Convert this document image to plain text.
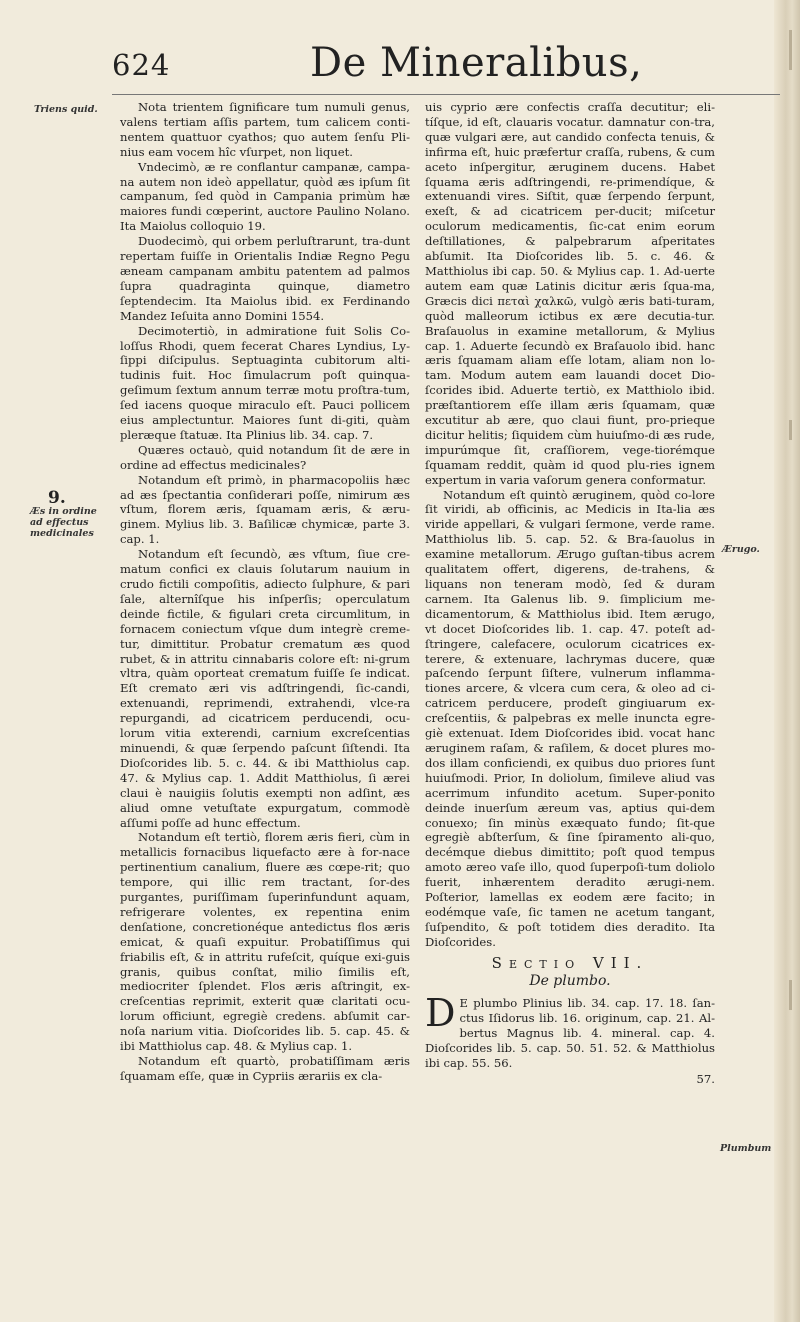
624	De Mineralibus,
Triens quid.
9.
Æs in ordine
ad effectus
medicinales
Ærugo.
Plumbum

Nota trientem ſignificare tum numuli genus, valens tertiam aſſis partem, tum calicem conti-nentem quattuor cyathos; quo autem ſenſu Pli-nius eam vocem hîc vſurpet, non liquet.

Vndecimò, æ re conflantur campanæ, campa-na autem non ideò appellatur, quòd æs ipſum ſit campanum, ſed quòd in Campania primùm hæ maiores fundi cœperint, auctore Paulino Nolano. Ita Maiolus colloquio 19.

Duodecimò, qui orbem perluſtrarunt, tra-dunt repertam fuiſſe in Orientalis Indiæ Regno Pegu æneam campanam ambitu patentem ad palmos ſupra quadraginta quinque, diametro ſeptendecim. Ita Maiolus ibid. ex Ferdinando Mandez Ieſuita anno Domini 1554.

Decimotertiò, in admiratione fuit Solis Co-loſſus Rhodi, quem fecerat Chares Lyndius, Ly-ſippi diſcipulus. Septuaginta cubitorum alti-tudinis fuit. Hoc ſimulacrum poſt quinqua-geſimum ſextum annum terræ motu proſtra-tum, ſed iacens quoque miraculo eſt. Pauci pollicem eius amplectuntur. Maiores ſunt di-giti, quàm pleræque ſtatuæ. Ita Plinius lib. 34. cap. 7.

Quæres octauò, quid notandum ſit de ære in ordine ad effectus medicinales?

Notandum eſt primò, in pharmacopoliis hæc ad æs ſpectantia conſiderari poſſe, nimirum æs vſtum, florem æris, ſquamam æris, & æru-ginem. Mylius lib. 3. Baſilicæ chymicæ, parte 3. cap. 1.

Notandum eſt ſecundò, æs vſtum, ſiue cre-matum confici ex clauis ſolutarum nauium in crudo fictili compoſitis, adiecto ſulphure, & pari ſale, alternîſque his inſperſis; operculatum deinde fictile, & figulari creta circumlitum, in fornacem coniectum vſque dum integrè creme-tur, dimittitur. Probatur crematum æs quod rubet, & in attritu cinnabaris colore eſt: ni-grum vltra, quàm oporteat crematum fuiſſe ſe indicat. Eſt cremato æri vis adſtringendi, ſic-candi, extenuandi, reprimendi, extrahendi, vlce-ra repurgandi, ad cicatricem perducendi, ocu-lorum vitia exterendi, carnium excreſcentias minuendi, & quæ ſerpendo paſcunt ſiſtendi. Ita Dioſcorides lib. 5. c. 44. & ibi Matthiolus cap. 47. & Mylius cap. 1. Addit Matthiolus, ſi ærei claui è nauigiis ſolutis exempti non adſint, æs aliud omne vetuſtate expurgatum, commodè aſſumi poſſe ad hunc effectum.

Notandum eſt tertiò, florem æris fieri, cùm in metallicis fornacibus liquefacto ære à for-nace pertinentium canalium, fluere æs cœpe-rit; quo tempore, qui illic rem tractant, ſor-des purgantes, puriſſimam ſuperinfundunt aquam, refrigerare volentes, ex repentina enim denſatione, concretionéque antedictus flos æris emicat, & quaſi expuitur. Probatiſſimus qui friabilis eſt, & in attritu rufeſcit, quíque exi-guis granis, quibus conſtat, milio ſimilis eſt, mediocriter ſplendet. Flos æris aſtringit, ex-creſcentias reprimit, exterit quæ claritati ocu-lorum officiunt, egregiè credens. abſumit car-noſa narium vitia. Dioſcorides lib. 5. cap. 45. & ibi Matthiolus cap. 48. & Mylius cap. 1.

Notandum eſt quartò, probatiſſimam æris ſquamam eſſe, quæ in Cypriis ærariis ex cla-

uis cyprio ære confectis craſſa decutitur; eli-tíſque, id eſt, clauaris vocatur. damnatur con-tra, quæ vulgari ære, aut candido confecta tenuis, & infirma eſt, huic præfertur craſſa, rubens, & cum aceto inſpergitur, æruginem ducens. Habet ſquama æris adſtringendi, re-primendíque, & extenuandi vires. Siſtit, quæ ſerpendo ſerpunt, exeſt, & ad cicatricem per-ducit; miſcetur oculorum medicamentis, ſic-cat enim eorum deſtillationes, & palpebrarum aſperitates abſumit. Ita Dioſcorides lib. 5. c. 46. & Matthiolus ibi cap. 50. & Mylius cap. 1. Ad-uerte autem eam quæ Latinis dicitur æris ſqua-ma, Græcis dici πεταὶ χαλκῶ, vulgò æris bati-turam, quòd malleorum ictibus ex ære decutia-tur. Braſauolus in examine metallorum, & Mylius cap. 1. Aduerte ſecundò ex Braſauolo ibid. hanc æris ſquamam aliam eſſe lotam, aliam non lo-tam. Modum autem eam lauandi docet Dio-ſcorides ibid. Aduerte tertiò, ex Matthiolo ibid. præſtantiorem eſſe illam æris ſquamam, quæ excutitur ab ære, quo claui fiunt, pro-prieque dicitur helitis; ſiquidem cùm huiuſmo-di æs rude, impurúmque ſit, craſſiorem, vege-tiorémque ſquamam reddit, quàm id quod plu-ries ignem expertum in varia vaſorum genera conformatur.

Notandum eſt quintò æruginem, quòd co-lore ſit viridi, ab officinis, ac Medicis in Ita-lia æs viride appellari, & vulgari ſermone, verde rame. Matthiolus lib. 5. cap. 52. & Bra-ſauolus in examine metallorum. Ærugo guſtan-tibus acrem qualitatem offert, digerens, de-trahens, & liquans non teneram modò, ſed & duram carnem. Ita Galenus lib. 9. ſimplicium me-dicamentorum, & Matthiolus ibid. Item ærugo, vt docet Dioſcorides lib. 1. cap. 47. poteſt ad-ſtringere, calefacere, oculorum cicatrices ex-terere, & extenuare, lachrymas ducere, quæ paſcendo ſerpunt ſiſtere, vulnerum inflamma-tiones arcere, & vlcera cum cera, & oleo ad ci-catricem perducere, prodeſt gingiuarum ex-creſcentiis, & palpebras ex melle inuncta egre-giè extenuat. Idem Dioſcorides ibid. vocat hanc æruginem raſam, & raſilem, & docet plures mo-dos illam conficiendi, ex quibus duo priores ſunt huiuſmodi. Prior, In doliolum, ſimileve aliud vas acerrimum infundito acetum. Super-ponito deinde inuerſum æreum vas, aptius qui-dem conuexo; ſin minùs exæquato fundo; ſit-que egregiè abſterſum, & ſine ſpiramento ali-quo, decémque diebus dimittito; poſt quod tempus amoto æreo vaſe illo, quod ſuperpoſi-tum doliolo fuerit, inhærentem deradito ærugi-nem. Poſterior, lamellas ex eodem ære facito; in eodémque vaſe, ſic tamen ne acetum tangant, ſuſpendito, & poſt totidem dies deradito. Ita Dioſcorides.

Sectio VII.
De plumbo.

D E plumbo Plinius lib. 34. cap. 17. 18. ſan-ctus Iſidorus lib. 16. originum, cap. 21. Al-bertus Magnus lib. 4. mineral. cap. 4. Dioſcorides lib. 5. cap. 50. 51. 52. & Matthiolus ibi cap. 55. 56.

57.
